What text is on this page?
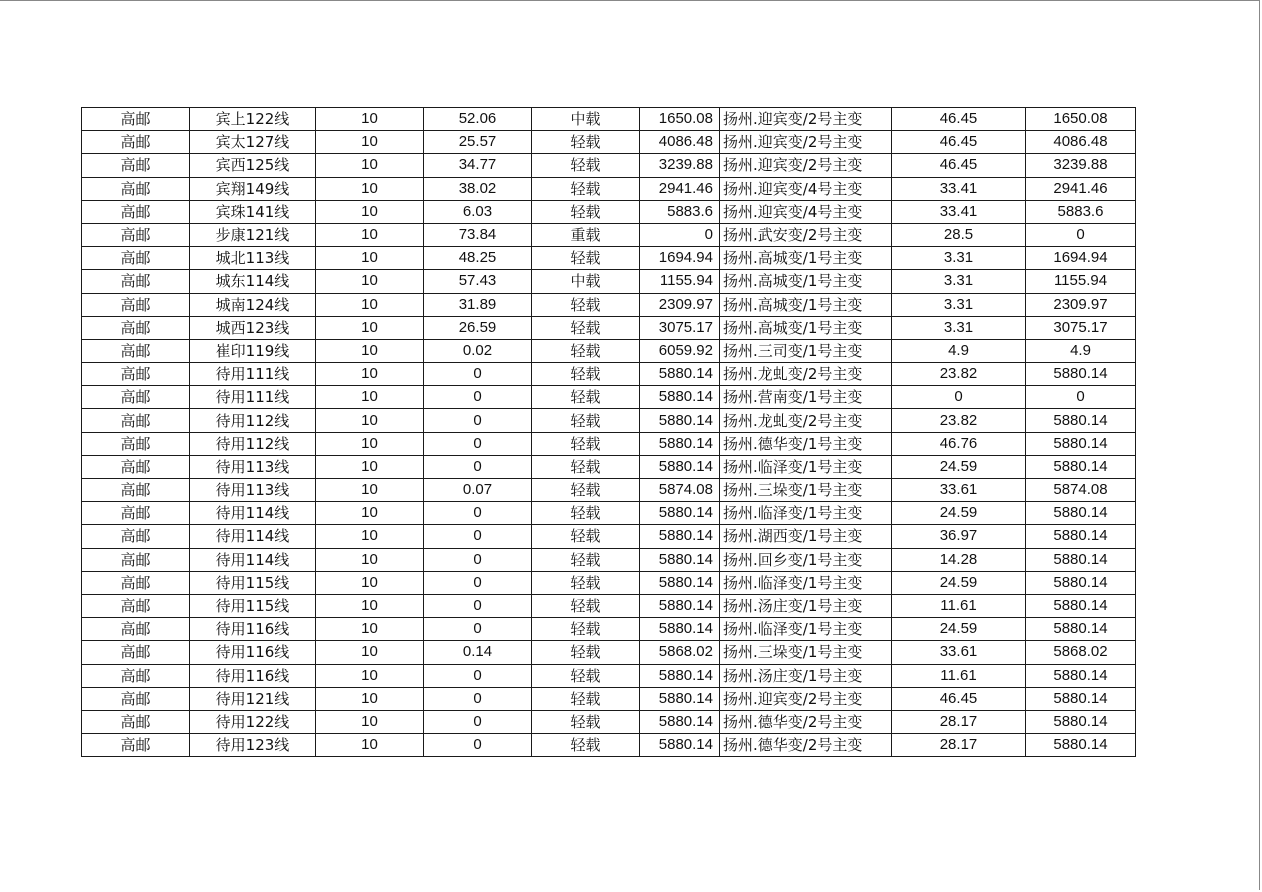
高邮	宾上122线	10	52.06	中载	1650.08	扬州.迎宾变/2号主变	46.45	1650.08
高邮	宾太127线	10	25.57	轻载	4086.48	扬州.迎宾变/2号主变	46.45	4086.48
高邮	宾西125线	10	34.77	轻载	3239.88	扬州.迎宾变/2号主变	46.45	3239.88
高邮	宾翔149线	10	38.02	轻载	2941.46	扬州.迎宾变/4号主变	33.41	2941.46
高邮	宾珠141线	10	6.03	轻载	5883.6	扬州.迎宾变/4号主变	33.41	5883.6
高邮	步康121线	10	73.84	重载	0	扬州.武安变/2号主变	28.5	0
高邮	城北113线	10	48.25	轻载	1694.94	扬州.高城变/1号主变	3.31	1694.94
高邮	城东114线	10	57.43	中载	1155.94	扬州.高城变/1号主变	3.31	1155.94
高邮	城南124线	10	31.89	轻载	2309.97	扬州.高城变/1号主变	3.31	2309.97
高邮	城西123线	10	26.59	轻载	3075.17	扬州.高城变/1号主变	3.31	3075.17
高邮	崔印119线	10	0.02	轻载	6059.92	扬州.三司变/1号主变	4.9	4.9
高邮	待用111线	10	0	轻载	5880.14	扬州.龙虬变/2号主变	23.82	5880.14
高邮	待用111线	10	0	轻载	5880.14	扬州.营南变/1号主变	0	0
高邮	待用112线	10	0	轻载	5880.14	扬州.龙虬变/2号主变	23.82	5880.14
高邮	待用112线	10	0	轻载	5880.14	扬州.德华变/1号主变	46.76	5880.14
高邮	待用113线	10	0	轻载	5880.14	扬州.临泽变/1号主变	24.59	5880.14
高邮	待用113线	10	0.07	轻载	5874.08	扬州.三垛变/1号主变	33.61	5874.08
高邮	待用114线	10	0	轻载	5880.14	扬州.临泽变/1号主变	24.59	5880.14
高邮	待用114线	10	0	轻载	5880.14	扬州.湖西变/1号主变	36.97	5880.14
高邮	待用114线	10	0	轻载	5880.14	扬州.回乡变/1号主变	14.28	5880.14
高邮	待用115线	10	0	轻载	5880.14	扬州.临泽变/1号主变	24.59	5880.14
高邮	待用115线	10	0	轻载	5880.14	扬州.汤庄变/1号主变	11.61	5880.14
高邮	待用116线	10	0	轻载	5880.14	扬州.临泽变/1号主变	24.59	5880.14
高邮	待用116线	10	0.14	轻载	5868.02	扬州.三垛变/1号主变	33.61	5868.02
高邮	待用116线	10	0	轻载	5880.14	扬州.汤庄变/1号主变	11.61	5880.14
高邮	待用121线	10	0	轻载	5880.14	扬州.迎宾变/2号主变	46.45	5880.14
高邮	待用122线	10	0	轻载	5880.14	扬州.德华变/2号主变	28.17	5880.14
高邮	待用123线	10	0	轻载	5880.14	扬州.德华变/2号主变	28.17	5880.14
